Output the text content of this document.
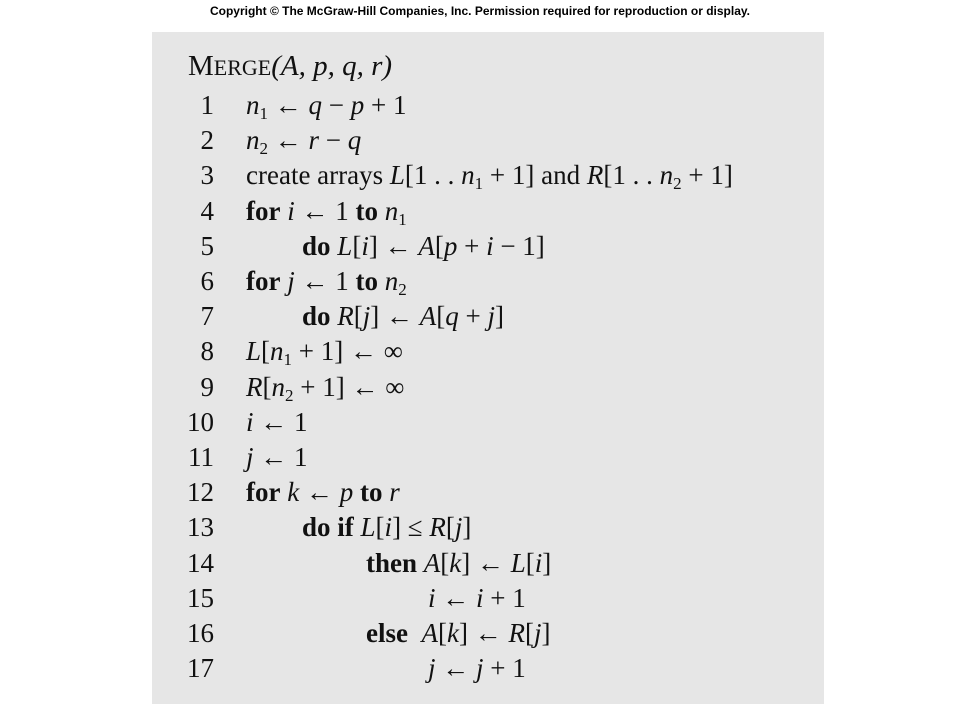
Copyright © The McGraw-Hill Companies, Inc. Permission required for reproduction or display.
MERGE(A, p, q, r)
1 $n_1$ ← q − p + 1
2 $n_2$ ← r − q
3 create arrays L[1 . . $n_1 + 1$] and R[1 . . $n_2 + 1$]
4 for i ← 1 to $n_1$
5	do L[i] ← A[p + i − 1]
6 for j ← 1 to $n_2$
7	do R[j] ← A[q + j]
8 $L[n_1 + 1]$ ← ∞
9 $R[n_2 + 1]$ ← ∞
10 i ← 1
11 j ← 1
12 for k ← p to r
13	do if L[i] ≤ R[j]
14	then A[k] ← L[i]
15	i ← i + 1
16	else A[k] ← R[j]
17	j ← j + 1
